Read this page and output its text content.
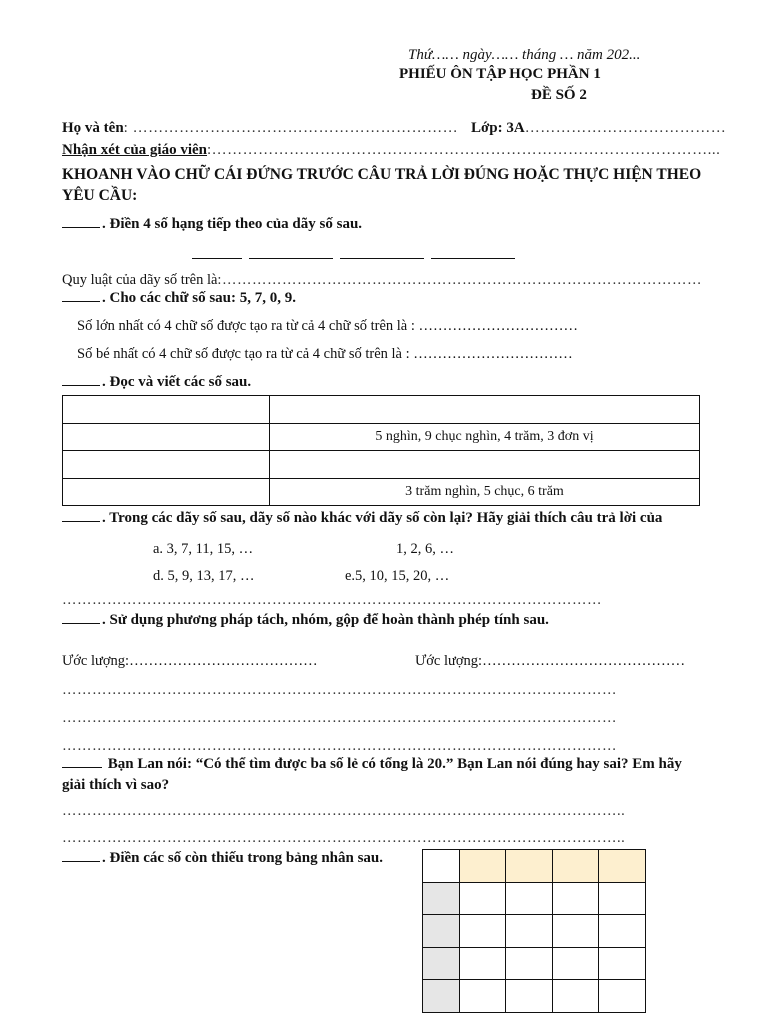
Thứ…… ngày…… tháng … năm 202...
PHIẾU ÔN TẬP HỌC PHẦN 1
ĐỀ SỐ 2
Họ và tên: ……………………………………………………… Lớp: 3A…………………………………
Nhận xét của giáo viên:……………………………………………………………………………………...
KHOANH VÀO CHỮ CÁI ĐỨNG TRƯỚC CÂU TRẢ LỜI ĐÚNG HOẶC THỰC HIỆN THEO
YÊU CẦU:
. Điền 4 số hạng tiếp theo của dãy số sau.
Quy luật của dãy số trên là:……………………………………………………………………………………
. Cho các chữ số sau: 5, 7, 0, 9.
Số lớn nhất có 4 chữ số được tạo ra từ cả 4 chữ số trên là : ……………………………
Số bé nhất có 4 chữ số được tạo ra từ cả 4 chữ số trên là : ……………………………
. Đọc và viết các số sau.

	5 nghìn, 9 chục nghìn, 4 trăm, 3 đơn vị

	3 trăm nghìn, 5 chục, 6 trăm
. Trong các dãy số sau, dãy số nào khác với dãy số còn lại? Hãy giải thích câu trả lời của
a. 3, 7, 11, 15, …	1, 2, 6, …
d. 5, 9, 13, 17, …	e.5, 10, 15, 20, …
………………………………………………………………………………………………
. Sử dụng phương pháp tách, nhóm, gộp để hoàn thành phép tính sau.
Ước lượng:…………………………………	Ước lượng:……………………………………
…………………………………………………………………………………………………
…………………………………………………………………………………………………
…………………………………………………………………………………………………
Bạn Lan nói: “Có thể tìm được ba số lẻ có tổng là 20.” Bạn Lan nói đúng hay sai? Em hãy
giải thích vì sao?
…………………………………………………………………………………………………..
…………………………………………………………………………………………………..
. Điền các số còn thiếu trong bảng nhân sau.
